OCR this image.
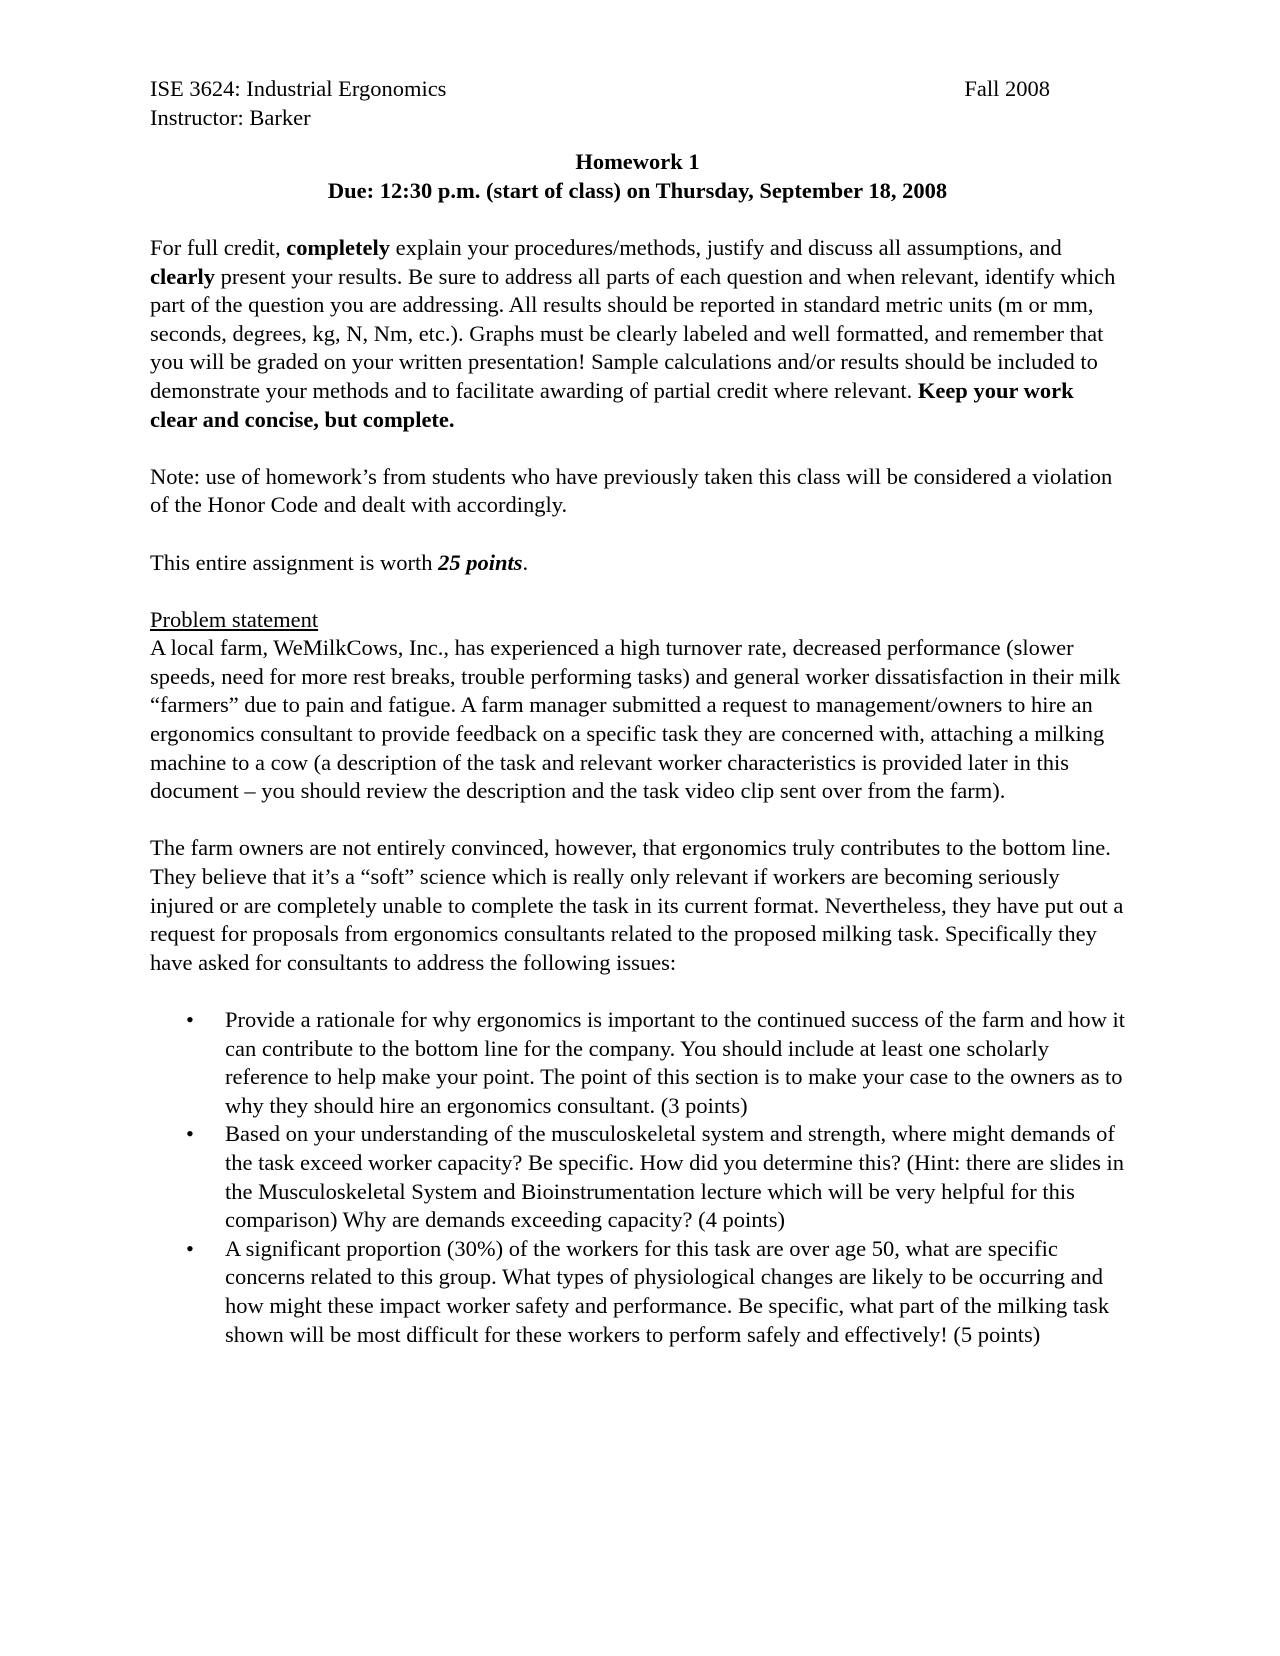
ISE 3624: Industrial Ergonomics	Fall 2008

Instructor: Barker

Homework 1

Due: 12:30 p.m. (start of class) on Thursday, September 18, 2008

For full credit, completely explain your procedures/methods, justify and discuss all assumptions, and clearly present your results. Be sure to address all parts of each question and when relevant, identify which part of the question you are addressing. All results should be reported in standard metric units (m or mm, seconds, degrees, kg, N, Nm, etc.). Graphs must be clearly labeled and well formatted, and remember that you will be graded on your written presentation! Sample calculations and/or results should be included to demonstrate your methods and to facilitate awarding of partial credit where relevant. Keep your work clear and concise, but complete.

Note: use of homework’s from students who have previously taken this class will be considered a violation of the Honor Code and dealt with accordingly.

This entire assignment is worth 25 points.

Problem statement

A local farm, WeMilkCows, Inc., has experienced a high turnover rate, decreased performance (slower speeds, need for more rest breaks, trouble performing tasks) and general worker dissatisfaction in their milk “farmers” due to pain and fatigue. A farm manager submitted a request to management/owners to hire an ergonomics consultant to provide feedback on a specific task they are concerned with, attaching a milking machine to a cow (a description of the task and relevant worker characteristics is provided later in this document – you should review the description and the task video clip sent over from the farm).

The farm owners are not entirely convinced, however, that ergonomics truly contributes to the bottom line. They believe that it’s a “soft” science which is really only relevant if workers are becoming seriously injured or are completely unable to complete the task in its current format. Nevertheless, they have put out a request for proposals from ergonomics consultants related to the proposed milking task. Specifically they have asked for consultants to address the following issues:

• Provide a rationale for why ergonomics is important to the continued success of the farm and how it can contribute to the bottom line for the company. You should include at least one scholarly reference to help make your point. The point of this section is to make your case to the owners as to why they should hire an ergonomics consultant. (3 points)
• Based on your understanding of the musculoskeletal system and strength, where might demands of the task exceed worker capacity? Be specific. How did you determine this? (Hint: there are slides in the Musculoskeletal System and Bioinstrumentation lecture which will be very helpful for this comparison) Why are demands exceeding capacity? (4 points)
• A significant proportion (30%) of the workers for this task are over age 50, what are specific concerns related to this group. What types of physiological changes are likely to be occurring and how might these impact worker safety and performance. Be specific, what part of the milking task shown will be most difficult for these workers to perform safely and effectively! (5 points)
